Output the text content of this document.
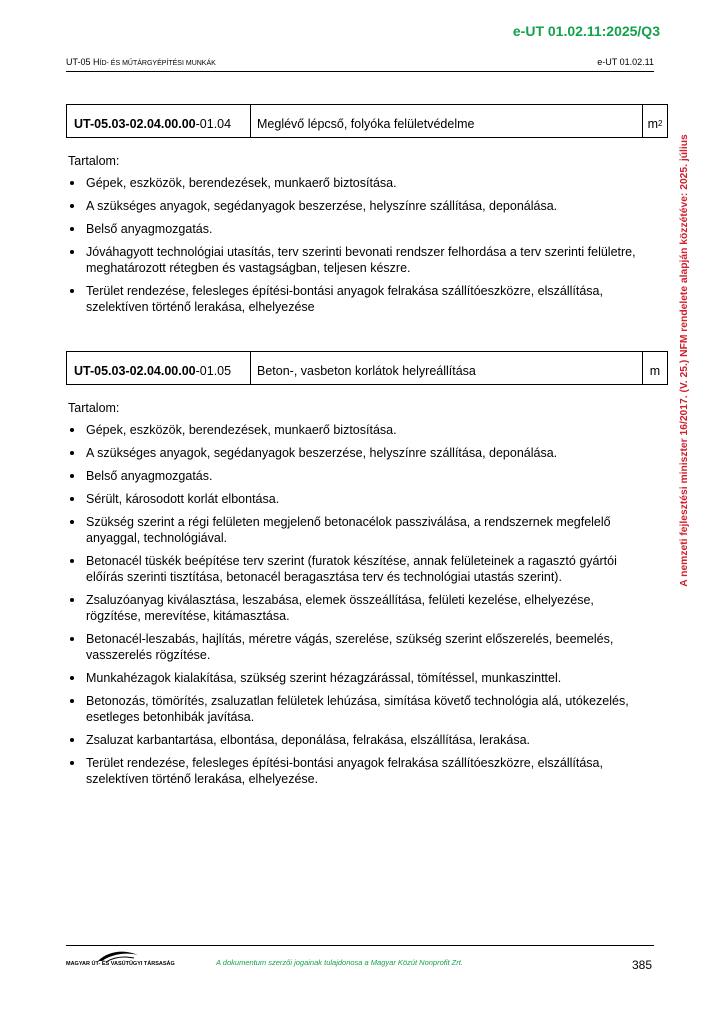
e-UT 01.02.11:2025/Q3
UT-05 HÍD- ÉS MŰTÁRGYÉPÍTÉSI MUNKÁK	e-UT 01.02.11
A nemzeti fejlesztési miniszter 16/2017. (V. 25.) NFM rendelete alapján közzétéve: 2025. július
UT-05.03-02.04.00.00 -01.04	Meglévő lépcső, folyóka felületvédelme	$m^2$
Tartalom:
Gépek, eszközök, berendezések, munkaerő biztosítása.
A szükséges anyagok, segédanyagok beszerzése, helyszínre szállítása, deponálása.
Belső anyagmozgatás.
Jóváhagyott technológiai utasítás, terv szerinti bevonati rendszer felhordása a terv szerinti felületre, meghatározott rétegben és vastagságban, teljesen készre.
Terület rendezése, felesleges építési-bontási anyagok felrakása szállítóeszközre, elszállítása, szelektíven történő lerakása, elhelyezése
UT-05.03-02.04.00.00 -01.05	Beton-, vasbeton korlátok helyreállítása	m
Tartalom:
Gépek, eszközök, berendezések, munkaerő biztosítása.
A szükséges anyagok, segédanyagok beszerzése, helyszínre szállítása, deponálása.
Belső anyagmozgatás.
Sérült, károsodott korlát elbontása.
Szükség szerint a régi felületen megjelenő betonacélok passziválása, a rendszernek megfelelő anyaggal, technológiával.
Betonacél tüskék beépítése terv szerint (furatok készítése, annak felületeinek a ragasztó gyártói előírás szerinti tisztítása, betonacél beragasztása terv és technológiai utastás szerint).
Zsaluzóanyag kiválasztása, leszabása, elemek összeállítása, felületi kezelése, elhelyezése, rögzítése, merevítése, kitámasztása.
Betonacél-leszabás, hajlítás, méretre vágás, szerelése, szükség szerint előszerelés, beemelés, vasszerelés rögzítése.
Munkahézagok kialakítása, szükség szerint hézagzárással, tömítéssel, munkaszinttel.
Betonozás, tömörítés, zsaluzatlan felületek lehúzása, simítása követő technológia alá, utókezelés, esetleges betonhibák javítása.
Zsaluzat karbantartása, elbontása, deponálása, felrakása, elszállítása, lerakása.
Terület rendezése, felesleges építési-bontási anyagok felrakása szállítóeszközre, elszállítása, szelektíven történő lerakása, elhelyezése.
MAGYAR ÚT- ÉS VASÚTÜGYI TÁRSASÁG	A dokumentum szerzői jogainak tulajdonosa a Magyar Közút Nonprofit Zrt.	385
